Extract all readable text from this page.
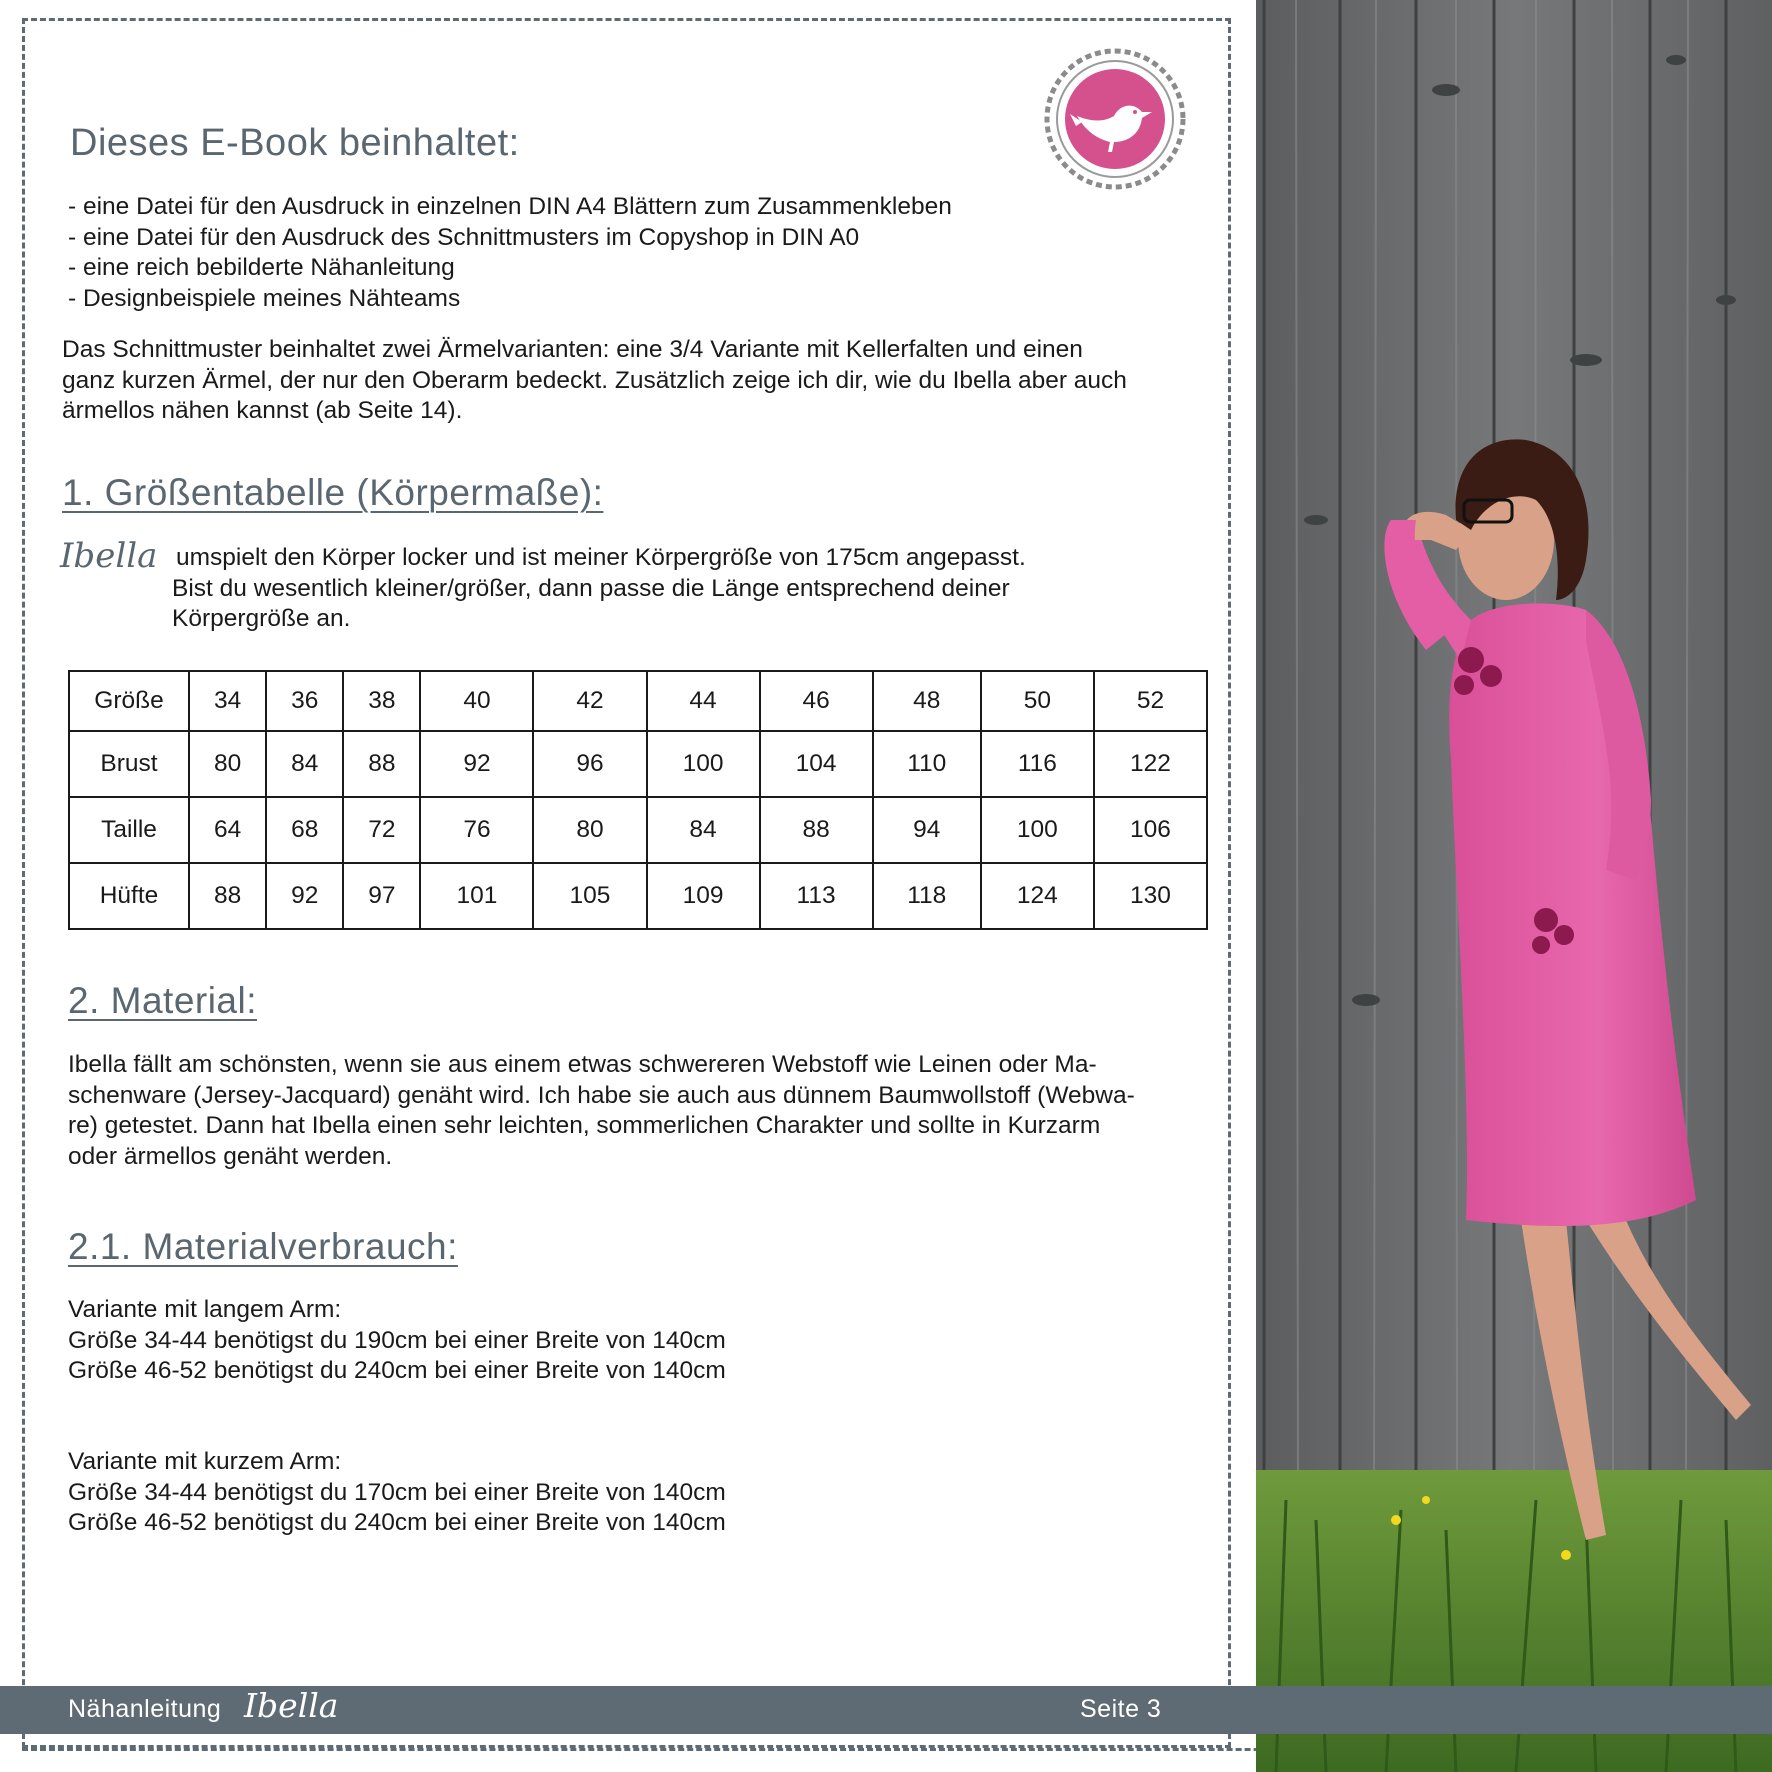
Dieses E-Book beinhaltet:
- eine Datei für den Ausdruck in einzelnen DIN A4 Blättern zum Zusammenkleben
- eine Datei für den Ausdruck des Schnittmusters im Copyshop in DIN A0
- eine reich bebilderte Nähanleitung
- Designbeispiele meines Nähteams

Das Schnittmuster beinhaltet zwei Ärmelvarianten: eine 3/4 Variante mit Kellerfalten und einen
ganz kurzen Ärmel, der nur den Oberarm bedeckt. Zusätzlich zeige ich dir, wie du Ibella aber auch
ärmellos nähen kannst (ab Seite 14).

1. Größentabelle (Körpermaße):
Ibella umspielt den Körper locker und ist meiner Körpergröße von 175cm angepasst.
Bist du wesentlich kleiner/größer, dann passe die Länge entsprechend deiner
Körpergröße an.

Größe	34	36	38	40	42	44	46	48	50	52
Brust	80	84	88	92	96	100	104	110	116	122
Taille	64	68	72	76	80	84	88	94	100	106
Hüfte	88	92	97	101	105	109	113	118	124	130
2. Material:

Ibella fällt am schönsten, wenn sie aus einem etwas schwereren Webstoff wie Leinen oder Ma-
schenware (Jersey-Jacquard) genäht wird. Ich habe sie auch aus dünnem Baumwollstoff (Webwa-
re) getestet. Dann hat Ibella einen sehr leichten, sommerlichen Charakter und sollte in Kurzarm
oder ärmellos genäht werden.

2.1. Materialverbrauch:

Variante mit langem Arm:
Größe 34-44 benötigst du 190cm bei einer Breite von 140cm
Größe 46-52 benötigst du 240cm bei einer Breite von 140cm

Variante mit kurzem Arm:
Größe 34-44 benötigst du 170cm bei einer Breite von 140cm
Größe 46-52 benötigst du 240cm bei einer Breite von 140cm

Nähanleitung Ibella	Seite 3
